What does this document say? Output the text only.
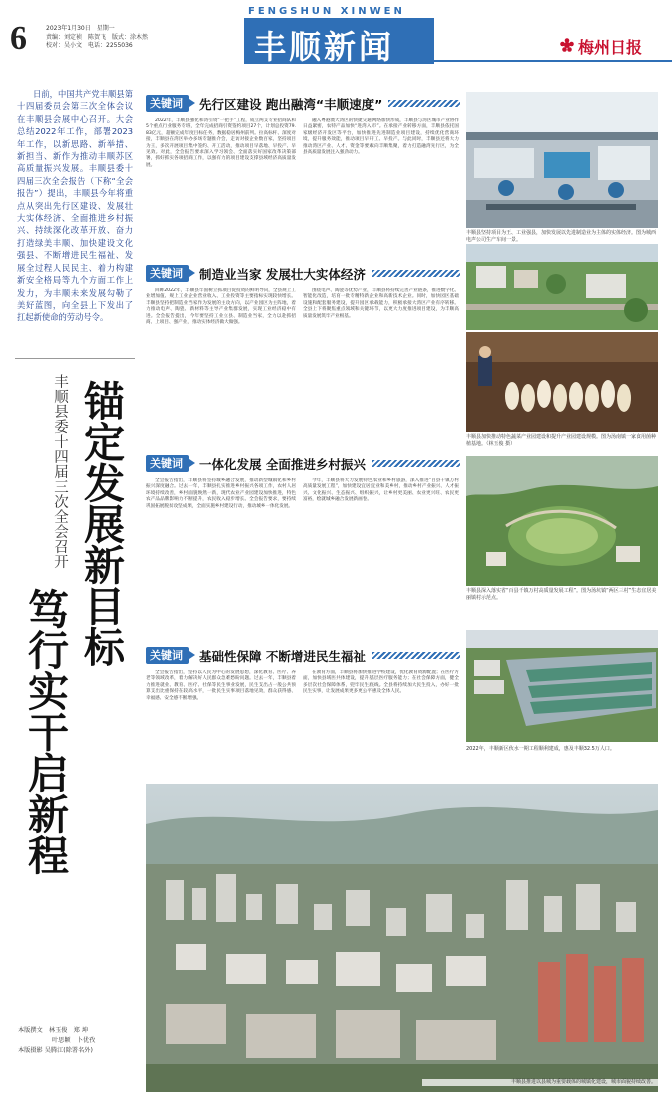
6	2023年1月30日　星期一
责编：刘定祯　陈贺飞　版式：涂木然
校对：吴小文　电话：2255036
FENGSHUN XINWEN
丰顺新闻	梅州日报
日前，中国共产党丰顺县第十四届委员会第三次全体会议在丰顺县会展中心召开。大会总结2022年工作，部署2023年工作，以新思路、新举措、新担当、新作为推动丰顺苏区高质量振兴发展。丰顺县委十四届三次全会报告（下称“全会报告”）提出，丰顺县今年将重点从突出先行区建设、发展壮大实体经济、全面推进乡村振兴、持续深化改革开放、奋力打造绿美丰顺、加快建设文化强县、不断增进民生福祉、发展全过程人民民主、着力构建新安全格局等九个方面工作上发力，为丰顺未来发展勾勒了美好蓝图，向全县上下发出了扛起新使命的劳动号令。
丰顺县委十四届三次全会召开 锚定发展新目标
笃行实干启新程
本版撰文　林玉俊　郑 坤
叶思颖　卜优孜
本版摄影 吴腾江(除署名外)
关键词	先行区建设 跑出融湾“丰顺速度”
2022年，丰顺县强化和湾引资“一把手”工程，成立两支专业招商队和5个重点行业服务专班，全年完成招商引资签约项目27个，计划总投资79.83亿元，超额完成年度目标任务，数据稳居梅州前列。拉高标杆、深度对接，丰顺县在湾区举办多场专题推介会，走访对接企业数百家，坚持项目为王，多次开展项目集中签约、开工活动，推动项目早落地、早投产、早见效。对此，全会报告要求深入学习领会、全面落实好国家改革决策部署，抓好抓实各项招商工作，以强有力的项目建设支撑县域经济高质量发展。
融入粤港澳大湾区的快捷交通网络加快形成，丰顺县与湾区城市产业协作日益紧密，农特产品加快“进湾入市”。在承接产业转移方面，丰顺县依托国家级经济开发区等平台，加快推进先进制造业项目建设，持续优化营商环境，提升服务效能，推动项目早开工、早投产。与此同时，丰顺县还将大力推动湾区产业、人才、资金等要素向丰顺集聚，着力打造融湾先行区，为全县高质量发展注入强劲动力。
丰顺县坚持项目为王、工业强县，加快发展以先进制造业为主体的实体经济。图为城西电声公司生产车间一景。
关键词	制造业当家 发展壮大实体经济
回眸2022年，丰顺县牢固树立抓项目促投资的鲜明导向，全县规上工业增加值、规上工业企业营业收入、工业投资等主要指标实现较快增长。丰顺县坚持把制造业当家作为发展的主攻方向，以产业园区为主阵地，着力推动电声、陶瓷、新材料等主导产业集群发展，实现工业经济稳中有进。全会报告提出，今年要坚持工业立县、制造业当家，全力以赴抓招商、上项目、强产业，推动实体经济做大做强。
围绕电声、陶瓷等优势产业，丰顺县将持续完善产业链条，推进数字化、智能化改造，培育一批专精特新企业和高新技术企业。同时，加快园区基础设施和配套服务建设，提升园区承载能力，积极承接大湾区产业有序转移。全县上下将聚焦重点领域和关键环节，以更大力度推进项目建设，为丰顺高质量发展筑牢产业根基。
丰顺县加快推动特色蔬菜产业园建设和提升产业园建设规模。图为汤南镇一家食用菌种植基地。（林玉俊 摄）
关键词	一体化发展 全面推进乡村振兴
全会报告指出，丰顺县将坚持城乡融合发展，推动新型城镇化和乡村振兴深度融合。过去一年，丰顺县扎实推进乡村振兴各项工作，农村人居环境持续改善，乡村面貌焕然一新，现代农业产业园建设加快推进，特色农产品品牌影响力不断提升，农民收入稳步增长。全会报告要求，要持续巩固拓展脱贫攻坚成果，全面实施乡村建设行动，推动城乡一体化发展。
今年，丰顺县将大力发展特色农业和乡村旅游，深入推进“百县千镇万村高质量发展工程”，加快建设宜居宜业和美乡村，推动乡村产业振兴、人才振兴、文化振兴、生态振兴、组织振兴，让乡村更美丽、农业更兴旺、农民更富裕，绘就城乡融合发展新画卷。
丰顺县深入落实省“百县千镇万村高质量发展工程”。图为汤坑镇“两区三村”生态宜居美丽镇村示范点。
关键词	基础性保障 不断增进民生福祉
全会报告指出，坚持以人民为中心的发展思想，深化教育、医疗、养老等领域改革，着力解决好人民群众急难愁盼问题。过去一年，丰顺县着力推进就业、教育、医疗、社保等民生事业发展，民生支出占一般公共预算支出比重保持在较高水平，一批民生实事项目落地见效，群众获得感、幸福感、安全感不断增强。
在教育方面，丰顺县将加快推进学校建设，优化教育资源配置；在医疗方面，加快县域医共体建设，提升基层医疗服务能力；在社会保障方面，健全多层次社会保障体系，兜牢民生底线。全县将持续加大民生投入，办好一批民生实事，让发展成果更多更公平惠及全体人民。
2022年，丰顺新区伙水一期工程顺利建成，惠及丰顺32.5万人口。
丰顺县推进以县城为重要载体的城镇化建设，城市面貌持续改善。
